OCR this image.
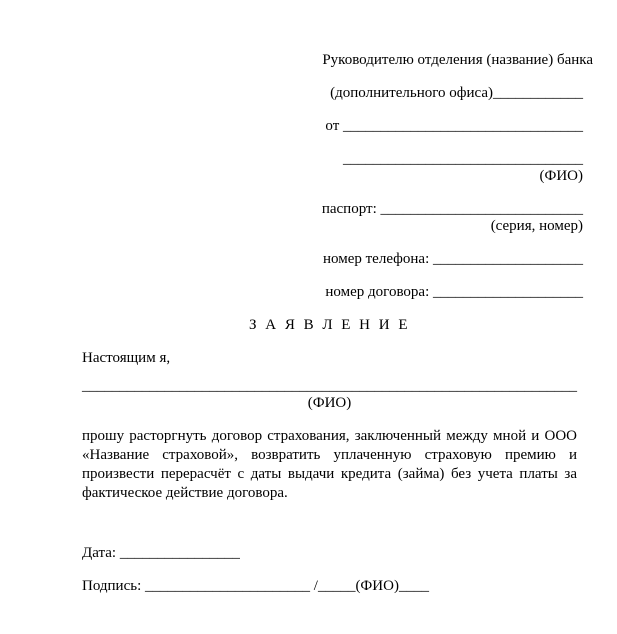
Руководителю отделения (название) банка
(дополнительного офиса)____________
от ________________________________
________________________________
(ФИО)
паспорт: ___________________________
(серия, номер)
номер телефона: ____________________
номер договора: ____________________
З А Я В Л Е Н И Е
Настоящим я,
__________________________________________________________________
(ФИО)
прошу расторгнуть договор страхования, заключенный между мной и ООО
«Название страховой», возвратить уплаченную страховую премию и
произвести перерасчёт с даты выдачи кредита (займа) без учета платы за
фактическое действие договора.
Дата: ________________
Подпись: ______________________ /_____(ФИО)____
